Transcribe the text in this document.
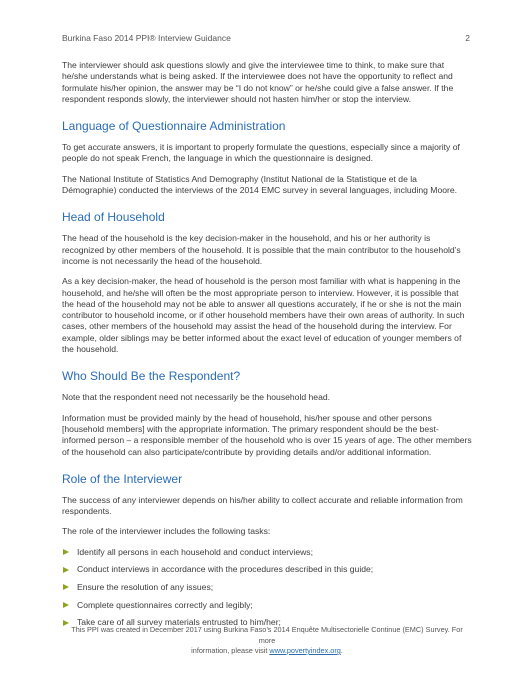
Burkina Faso 2014 PPI® Interview Guidance	2

The interviewer should ask questions slowly and give the interviewee time to think, to make sure that he/she understands what is being asked. If the interviewee does not have the opportunity to reflect and formulate his/her opinion, the answer may be “I do not know” or he/she could give a false answer. If the respondent responds slowly, the interviewer should not hasten him/her or stop the interview.

Language of Questionnaire Administration

To get accurate answers, it is important to properly formulate the questions, especially since a majority of people do not speak French, the language in which the questionnaire is designed.

The National Institute of Statistics And Demography (Institut National de la Statistique et de la Démographie) conducted the interviews of the 2014 EMC survey in several languages, including Moore.

Head of Household

The head of the household is the key decision-maker in the household, and his or her authority is recognized by other members of the household. It is possible that the main contributor to the household’s income is not necessarily the head of the household.

As a key decision-maker, the head of household is the person most familiar with what is happening in the household, and he/she will often be the most appropriate person to interview. However, it is possible that the head of the household may not be able to answer all questions accurately, if he or she is not the main contributor to household income, or if other household members have their own areas of authority. In such cases, other members of the household may assist the head of the household during the interview. For example, older siblings may be better informed about the exact level of education of younger members of the household.

Who Should Be the Respondent?

Note that the respondent need not necessarily be the household head.

Information must be provided mainly by the head of household, his/her spouse and other persons [household members] with the appropriate information. The primary respondent should be the best-informed person – a responsible member of the household who is over 15 years of age. The other members of the household can also participate/contribute by providing details and/or additional information.

Role of the Interviewer

The success of any interviewer depends on his/her ability to collect accurate and reliable information from respondents.

The role of the interviewer includes the following tasks:

Identify all persons in each household and conduct interviews;
Conduct interviews in accordance with the procedures described in this guide;
Ensure the resolution of any issues;
Complete questionnaires correctly and legibly;
Take care of all survey materials entrusted to him/her;
This PPI was created in December 2017 using Burkina Faso’s 2014 Enquête Multisectorielle Continue (EMC) Survey. For more
information, please visit www.povertyindex.org.
